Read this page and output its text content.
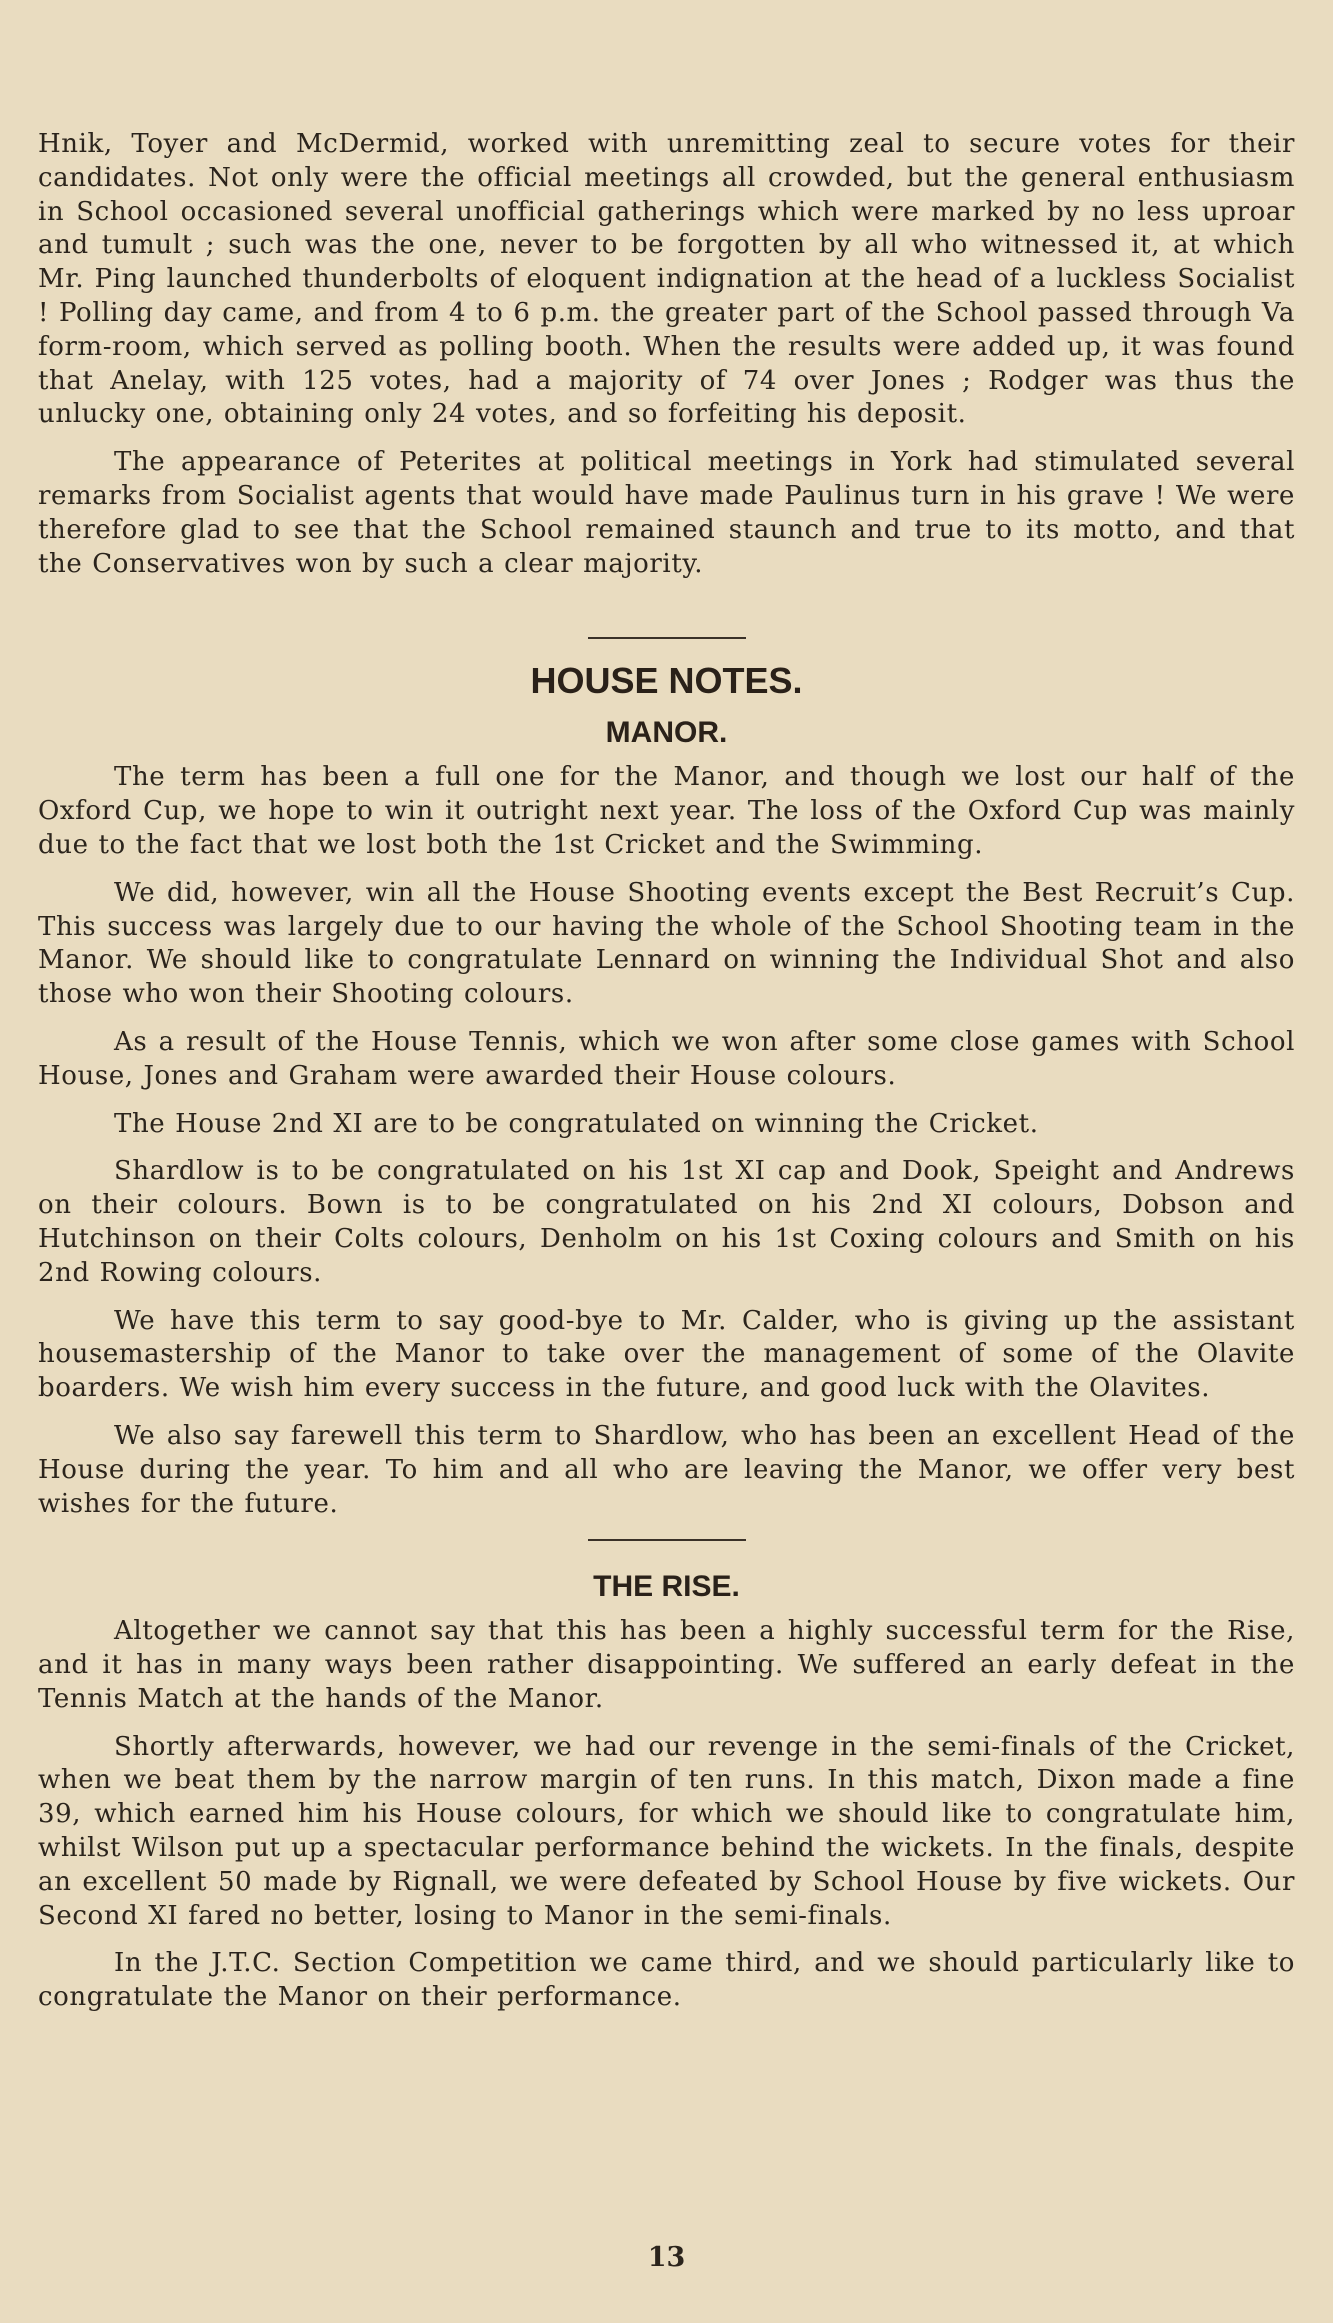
Hnik, Toyer and McDermid, worked with unremitting zeal to secure votes for their candidates. Not only were the official meetings all crowded, but the general enthusiasm in School occasioned several unofficial gatherings which were marked by no less uproar and tumult ; such was the one, never to be forgotten by all who witnessed it, at which Mr. Ping launched thunderbolts of eloquent indignation at the head of a luckless Socialist ! Polling day came, and from 4 to 6 p.m. the greater part of the School passed through Va form-room, which served as polling booth. When the results were added up, it was found that Anelay, with 125 votes, had a majority of 74 over Jones ; Rodger was thus the unlucky one, obtaining only 24 votes, and so forfeiting his deposit.

The appearance of Peterites at political meetings in York had stimulated several remarks from Socialist agents that would have made Paulinus turn in his grave ! We were therefore glad to see that the School remained staunch and true to its motto, and that the Conservatives won by such a clear majority.

HOUSE NOTES.
MANOR.

The term has been a full one for the Manor, and though we lost our half of the Oxford Cup, we hope to win it outright next year. The loss of the Oxford Cup was mainly due to the fact that we lost both the 1st Cricket and the Swimming.

We did, however, win all the House Shooting events except the Best Recruit’s Cup. This success was largely due to our having the whole of the School Shooting team in the Manor. We should like to congratulate Lennard on winning the Individual Shot and also those who won their Shooting colours.

As a result of the House Tennis, which we won after some close games with School House, Jones and Graham were awarded their House colours.

The House 2nd XI are to be congratulated on winning the Cricket.

Shardlow is to be congratulated on his 1st XI cap and Dook, Speight and Andrews on their colours. Bown is to be congratulated on his 2nd XI colours, Dobson and Hutchinson on their Colts colours, Denholm on his 1st Coxing colours and Smith on his 2nd Rowing colours.

We have this term to say good-bye to Mr. Calder, who is giving up the assistant housemastership of the Manor to take over the management of some of the Olavite boarders. We wish him every success in the future, and good luck with the Olavites.

We also say farewell this term to Shardlow, who has been an excellent Head of the House during the year. To him and all who are leaving the Manor, we offer very best wishes for the future.

THE RISE.

Altogether we cannot say that this has been a highly successful term for the Rise, and it has in many ways been rather disappointing. We suffered an early defeat in the Tennis Match at the hands of the Manor.

Shortly afterwards, however, we had our revenge in the semi-finals of the Cricket, when we beat them by the narrow margin of ten runs. In this match, Dixon made a fine 39, which earned him his House colours, for which we should like to congratulate him, whilst Wilson put up a spectacular performance behind the wickets. In the finals, despite an excellent 50 made by Rignall, we were defeated by School House by five wickets. Our Second XI fared no better, losing to Manor in the semi-finals.

In the J.T.C. Section Competition we came third, and we should particularly like to congratulate the Manor on their performance.

13
